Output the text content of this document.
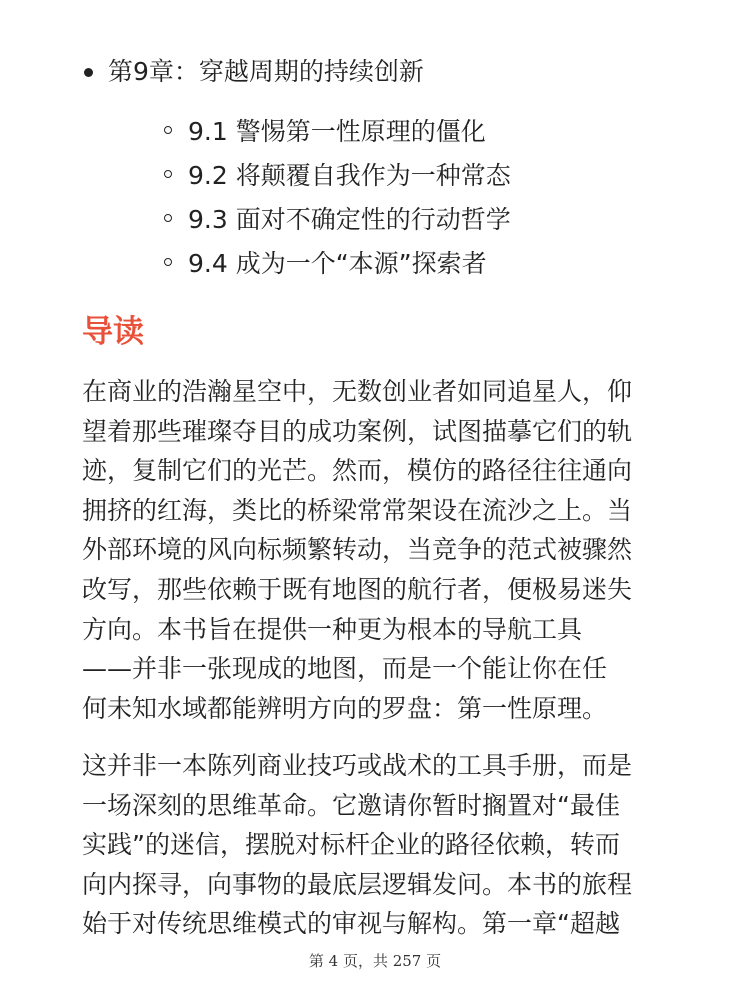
第9章：穿越周期的持续创新
9.1 警惕第一性原理的僵化
9.2 将颠覆自我作为一种常态
9.3 面对不确定性的行动哲学
9.4 成为一个“本源”探索者
导读
在商业的浩瀚星空中，无数创业者如同追星人，仰
望着那些璀璨夺目的成功案例，试图描摹它们的轨
迹，复制它们的光芒。然而，模仿的路径往往通向
拥挤的红海，类比的桥梁常常架设在流沙之上。当
外部环境的风向标频繁转动，当竞争的范式被骤然
改写，那些依赖于既有地图的航行者，便极易迷失
方向。本书旨在提供一种更为根本的导航工具
——并非一张现成的地图，而是一个能让你在任
何未知水域都能辨明方向的罗盘：第一性原理。
这并非一本陈列商业技巧或战术的工具手册，而是
一场深刻的思维革命。它邀请你暂时搁置对“最佳
实践”的迷信，摆脱对标杆企业的路径依赖，转而
向内探寻，向事物的最底层逻辑发问。本书的旅程
始于对传统思维模式的审视与解构。第一章“超越
第 4 页，共 257 页
